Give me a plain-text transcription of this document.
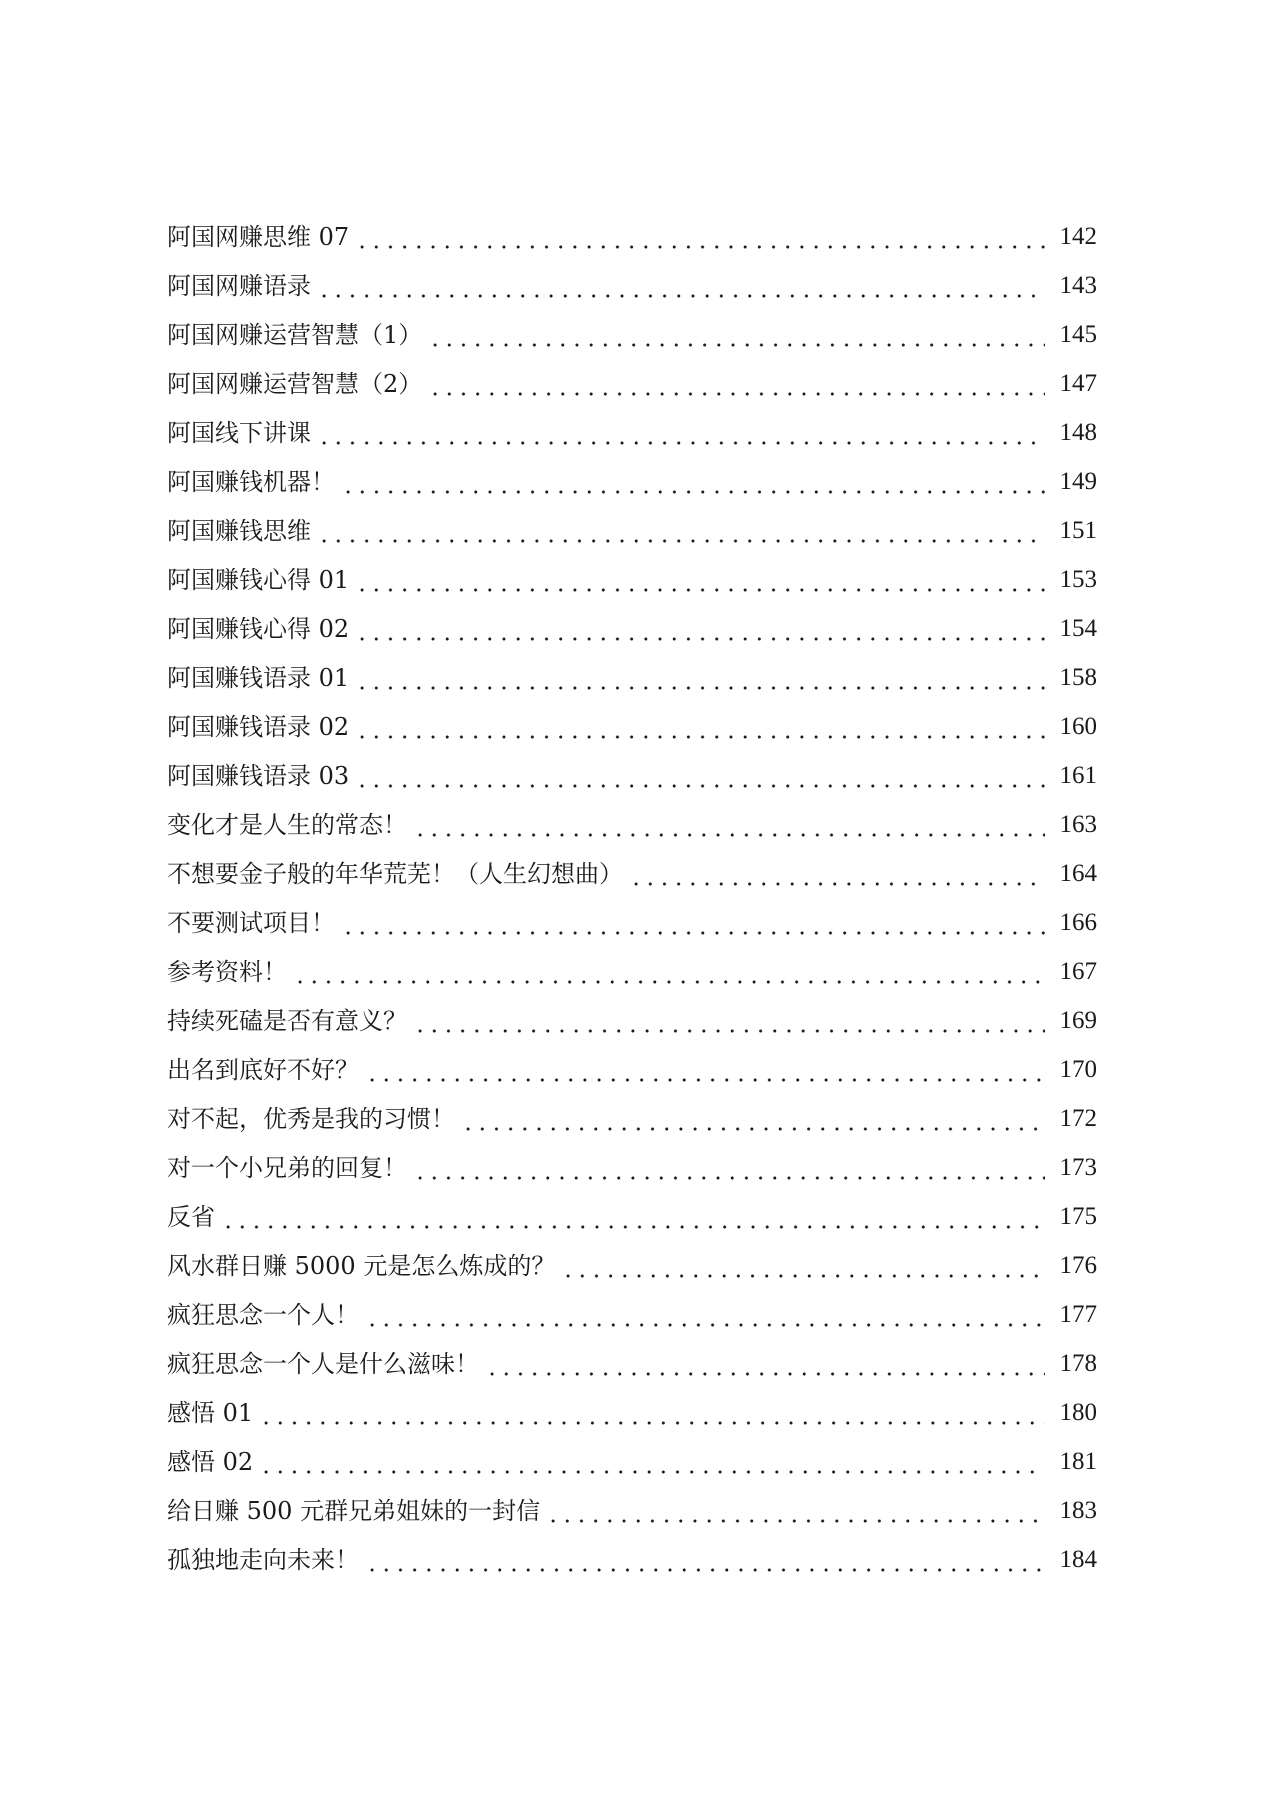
阿国网赚思维 07	142
阿国网赚语录	143
阿国网赚运营智慧（1）	145
阿国网赚运营智慧（2）	147
阿国线下讲课	148
阿国赚钱机器！	149
阿国赚钱思维	151
阿国赚钱心得 01	153
阿国赚钱心得 02	154
阿国赚钱语录 01	158
阿国赚钱语录 02	160
阿国赚钱语录 03	161
变化才是人生的常态！	163
不想要金子般的年华荒芜！（人生幻想曲）	164
不要测试项目！	166
参考资料！	167
持续死磕是否有意义？	169
出名到底好不好？	170
对不起，优秀是我的习惯！	172
对一个小兄弟的回复！	173
反省	175
风水群日赚 5000 元是怎么炼成的？	176
疯狂思念一个人！	177
疯狂思念一个人是什么滋味！	178
感悟 01	180
感悟 02	181
给日赚 500 元群兄弟姐妹的一封信	183
孤独地走向未来！	184
